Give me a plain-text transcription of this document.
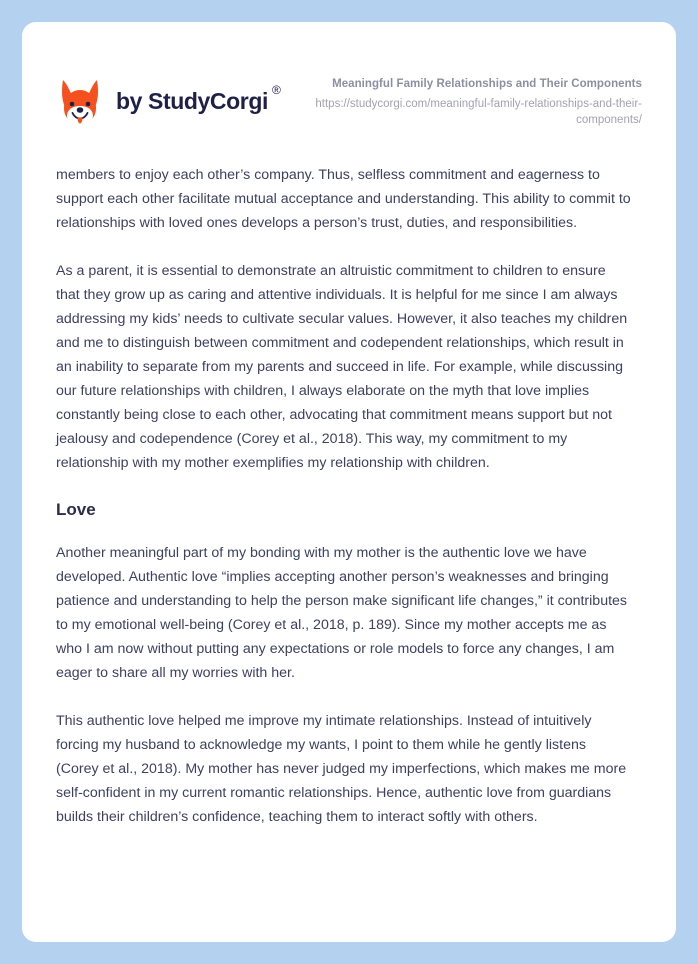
by StudyCorgi ®	Meaningful Family Relationships and Their Components
https://studycorgi.com/meaningful-family-relationships-and-their-components/

members to enjoy each other’s company. Thus, selfless commitment and eagerness to support each other facilitate mutual acceptance and understanding. This ability to commit to relationships with loved ones develops a person’s trust, duties, and responsibilities.

As a parent, it is essential to demonstrate an altruistic commitment to children to ensure that they grow up as caring and attentive individuals. It is helpful for me since I am always addressing my kids’ needs to cultivate secular values. However, it also teaches my children and me to distinguish between commitment and codependent relationships, which result in an inability to separate from my parents and succeed in life. For example, while discussing our future relationships with children, I always elaborate on the myth that love implies constantly being close to each other, advocating that commitment means support but not jealousy and codependence (Corey et al., 2018). This way, my commitment to my relationship with my mother exemplifies my relationship with children.

Love

Another meaningful part of my bonding with my mother is the authentic love we have developed. Authentic love “implies accepting another person’s weaknesses and bringing patience and understanding to help the person make significant life changes,” it contributes to my emotional well-being (Corey et al., 2018, p. 189). Since my mother accepts me as who I am now without putting any expectations or role models to force any changes, I am eager to share all my worries with her.

This authentic love helped me improve my intimate relationships. Instead of intuitively forcing my husband to acknowledge my wants, I point to them while he gently listens (Corey et al., 2018). My mother has never judged my imperfections, which makes me more self-confident in my current romantic relationships. Hence, authentic love from guardians builds their children’s confidence, teaching them to interact softly with others.
